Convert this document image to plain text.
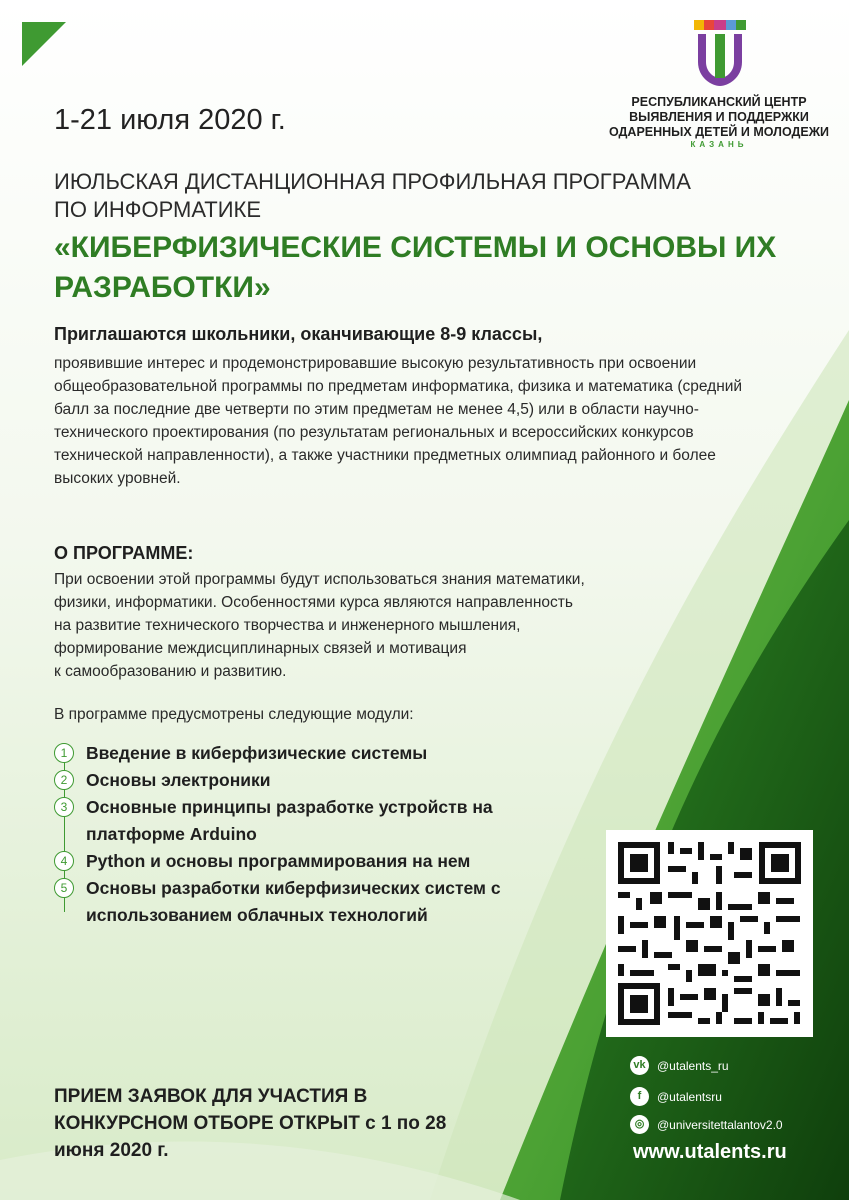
РЕСПУБЛИКАНСКИЙ ЦЕНТР ВЫЯВЛЕНИЯ И ПОДДЕРЖКИ ОДАРЕННЫХ ДЕТЕЙ И МОЛОДЕЖИ
КАЗАНЬ
1-21 июля 2020 г.
ИЮЛЬСКАЯ ДИСТАНЦИОННАЯ ПРОФИЛЬНАЯ ПРОГРАММА ПО ИНФОРМАТИКЕ
«КИБЕРФИЗИЧЕСКИЕ СИСТЕМЫ И ОСНОВЫ ИХ РАЗРАБОТКИ»
Приглашаются школьники, оканчивающие 8-9 классы,
проявившие интерес и продемонстрировавшие высокую результативность при освоении общеобразовательной программы по предметам информатика, физика и математика (средний балл за последние две четверти по этим предметам не менее 4,5) или в области научно-технического проектирования (по результатам региональных и всероссийских конкурсов технической направленности), а также участники предметных олимпиад районного и более высоких уровней.
О ПРОГРАММЕ:
При освоении этой программы будут использоваться знания математики,
физики, информатики. Особенностями курса являются направленность
на развитие технического творчества и инженерного мышления,
формирование междисциплинарных связей и мотивация
к самообразованию и развитию.
В программе предусмотрены следующие модули:
1	Введение в киберфизические системы
2	Основы электроники
3	Основные принципы разработке устройств на платформе Arduino
4	Python и основы программирования на нем
5	Основы разработки киберфизических систем с использованием облачных технологий
ПРИЕМ ЗАЯВОК ДЛЯ УЧАСТИЯ В КОНКУРСНОМ ОТБОРЕ ОТКРЫТ с 1 по 28 июня 2020 г.
vk @utalents_ru
f	@utalentsru
◎	@universitettalantov2.0
www.utalents.ru
